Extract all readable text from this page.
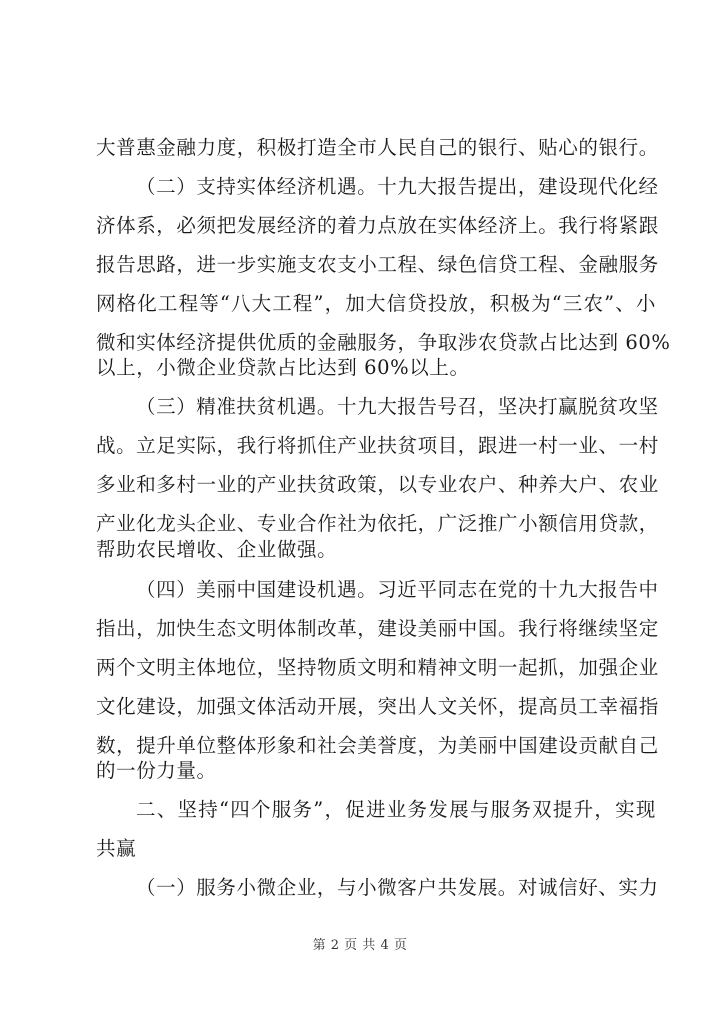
大普惠金融力度，积极打造全市人民自己的银行、贴心的银行。
（二）支持实体经济机遇。十九大报告提出，建设现代化经
济体系，必须把发展经济的着力点放在实体经济上。我行将紧跟
报告思路，进一步实施支农支小工程、绿色信贷工程、金融服务
网格化工程等“八大工程”，加大信贷投放，积极为“三农”、小
微和实体经济提供优质的金融服务，争取涉农贷款占比达到 60%
以上，小微企业贷款占比达到 60%以上。
（三）精准扶贫机遇。十九大报告号召，坚决打赢脱贫攻坚
战。立足实际，我行将抓住产业扶贫项目，跟进一村一业、一村
多业和多村一业的产业扶贫政策，以专业农户、种养大户、农业
产业化龙头企业、专业合作社为依托，广泛推广小额信用贷款，
帮助农民增收、企业做强。
（四）美丽中国建设机遇。习近平同志在党的十九大报告中
指出，加快生态文明体制改革，建设美丽中国。我行将继续坚定
两个文明主体地位，坚持物质文明和精神文明一起抓，加强企业
文化建设，加强文体活动开展，突出人文关怀，提高员工幸福指
数，提升单位整体形象和社会美誉度，为美丽中国建设贡献自己
的一份力量。
二、坚持“四个服务”，促进业务发展与服务双提升，实现
共赢
（一）服务小微企业，与小微客户共发展。对诚信好、实力
第 2 页 共 4 页
